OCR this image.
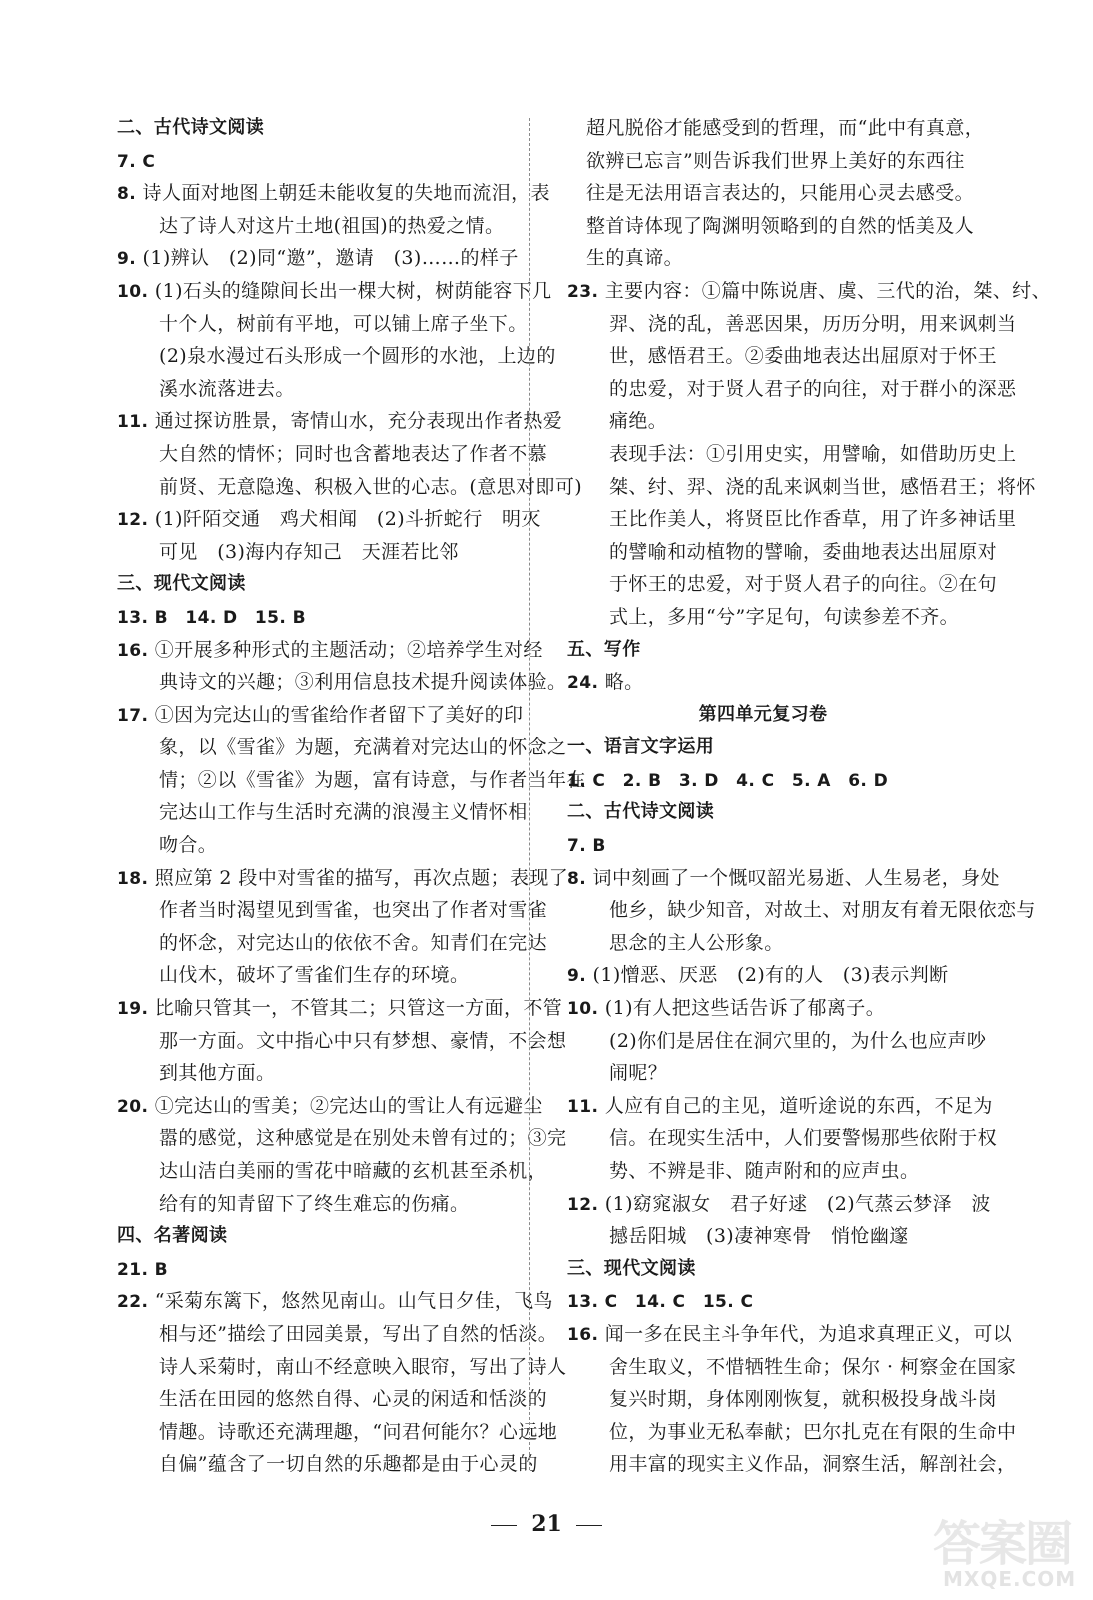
二、古代诗文阅读
7. C
8. 诗人面对地图上朝廷未能收复的失地而流泪，表
达了诗人对这片土地(祖国)的热爱之情。
9. (1)辨认　(2)同“邀”，邀请　(3)……的样子
10. (1)石头的缝隙间长出一棵大树，树荫能容下几
十个人，树前有平地，可以铺上席子坐下。
(2)泉水漫过石头形成一个圆形的水池，上边的
溪水流落进去。
11. 通过探访胜景，寄情山水，充分表现出作者热爱
大自然的情怀；同时也含蓄地表达了作者不慕
前贤、无意隐逸、积极入世的心志。(意思对即可)
12. (1)阡陌交通　鸡犬相闻　(2)斗折蛇行　明灭
可见　(3)海内存知己　天涯若比邻
三、现代文阅读
13. B　14. D　15. B
16. ①开展多种形式的主题活动；②培养学生对经
典诗文的兴趣；③利用信息技术提升阅读体验。
17. ①因为完达山的雪雀给作者留下了美好的印
象，以《雪雀》为题，充满着对完达山的怀念之
情；②以《雪雀》为题，富有诗意，与作者当年在
完达山工作与生活时充满的浪漫主义情怀相
吻合。
18. 照应第 2 段中对雪雀的描写，再次点题；表现了
作者当时渴望见到雪雀，也突出了作者对雪雀
的怀念，对完达山的依依不舍。知青们在完达
山伐木，破坏了雪雀们生存的环境。
19. 比喻只管其一，不管其二；只管这一方面，不管
那一方面。文中指心中只有梦想、豪情，不会想
到其他方面。
20. ①完达山的雪美；②完达山的雪让人有远避尘
嚣的感觉，这种感觉是在别处未曾有过的；③完
达山洁白美丽的雪花中暗藏的玄机甚至杀机，
给有的知青留下了终生难忘的伤痛。
四、名著阅读
21. B
22. “采菊东篱下，悠然见南山。山气日夕佳，飞鸟
相与还”描绘了田园美景，写出了自然的恬淡。
诗人采菊时，南山不经意映入眼帘，写出了诗人
生活在田园的悠然自得、心灵的闲适和恬淡的
情趣。诗歌还充满理趣，“问君何能尔？心远地
自偏”蕴含了一切自然的乐趣都是由于心灵的
超凡脱俗才能感受到的哲理，而“此中有真意，
欲辨已忘言”则告诉我们世界上美好的东西往
往是无法用语言表达的，只能用心灵去感受。
整首诗体现了陶渊明领略到的自然的恬美及人
生的真谛。
23. 主要内容：①篇中陈说唐、虞、三代的治，桀、纣、
羿、浇的乱，善恶因果，历历分明，用来讽刺当
世，感悟君王。②委曲地表达出屈原对于怀王
的忠爱，对于贤人君子的向往，对于群小的深恶
痛绝。
表现手法：①引用史实，用譬喻，如借助历史上
桀、纣、羿、浇的乱来讽刺当世，感悟君王；将怀
王比作美人，将贤臣比作香草，用了许多神话里
的譬喻和动植物的譬喻，委曲地表达出屈原对
于怀王的忠爱，对于贤人君子的向往。②在句
式上，多用“兮”字足句，句读参差不齐。
五、写作
24. 略。
第四单元复习卷
一、语言文字运用
1. C　2. B　3. D　4. C　5. A　6. D
二、古代诗文阅读
7. B
8. 词中刻画了一个慨叹韶光易逝、人生易老，身处
他乡，缺少知音，对故土、对朋友有着无限依恋与
思念的主人公形象。
9. (1)憎恶、厌恶　(2)有的人　(3)表示判断
10. (1)有人把这些话告诉了郁离子。
(2)你们是居住在洞穴里的，为什么也应声吵
闹呢？
11. 人应有自己的主见，道听途说的东西，不足为
信。在现实生活中，人们要警惕那些依附于权
势、不辨是非、随声附和的应声虫。
12. (1)窈窕淑女　君子好逑　(2)气蒸云梦泽　波
撼岳阳城　(3)凄神寒骨　悄怆幽邃
三、现代文阅读
13. C　14. C　15. C
16. 闻一多在民主斗争年代，为追求真理正义，可以
舍生取义，不惜牺牲生命；保尔 · 柯察金在国家
复兴时期，身体刚刚恢复，就积极投身战斗岗
位，为事业无私奉献；巴尔扎克在有限的生命中
用丰富的现实主义作品，洞察生活，解剖社会，
21	答案圈
MXQE.COM
